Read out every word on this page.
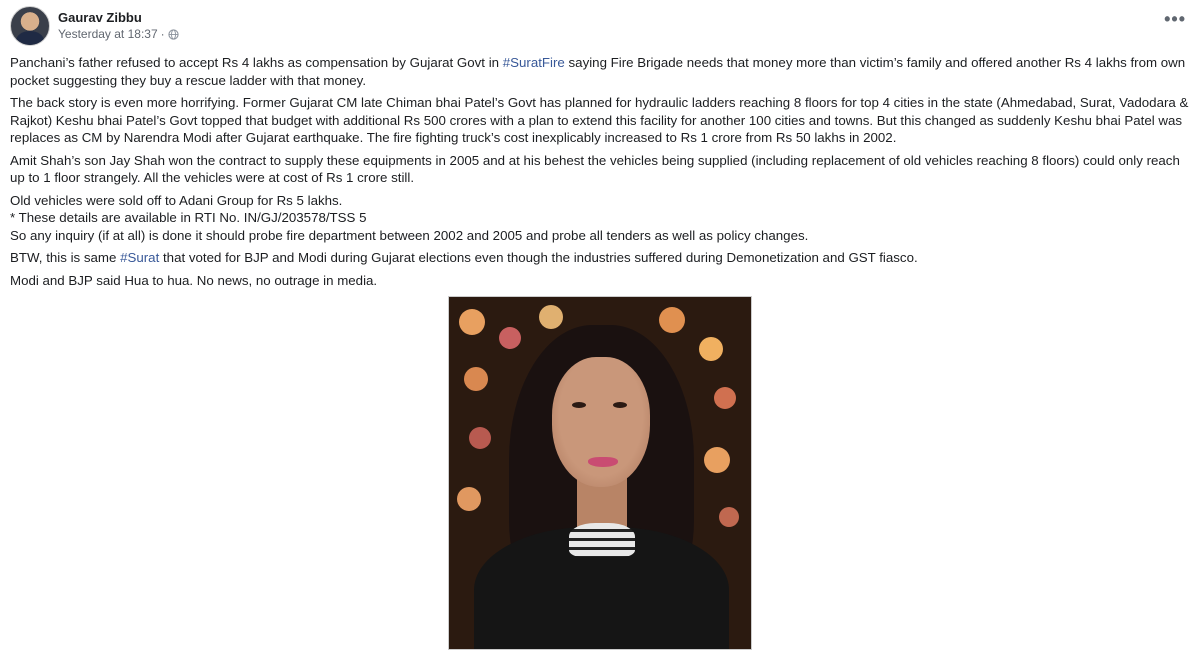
Gaurav Zibbu
Yesterday at 18:37 ·
•••

Panchani’s father refused to accept Rs 4 lakhs as compensation by Gujarat Govt in #SuratFire saying Fire Brigade needs that money more than victim’s family and offered another Rs 4 lakhs from own pocket suggesting they buy a rescue ladder with that money.

The back story is even more horrifying. Former Gujarat CM late Chiman bhai Patel’s Govt has planned for hydraulic ladders reaching 8 floors for top 4 cities in the state (Ahmedabad, Surat, Vadodara & Rajkot) Keshu bhai Patel’s Govt topped that budget with additional Rs 500 crores with a plan to extend this facility for another 100 cities and towns. But this changed as suddenly Keshu bhai Patel was replaces as CM by Narendra Modi after Gujarat earthquake. The fire fighting truck’s cost inexplicably increased to Rs 1 crore from Rs 50 lakhs in 2002.

Amit Shah’s son Jay Shah won the contract to supply these equipments in 2005 and at his behest the vehicles being supplied (including replacement of old vehicles reaching 8 floors) could only reach up to 1 floor strangely. All the vehicles were at cost of Rs 1 crore still.

Old vehicles were sold off to Adani Group for Rs 5 lakhs.
* These details are available in RTI No. IN/GJ/203578/TSS 5
So any inquiry (if at all) is done it should probe fire department between 2002 and 2005 and probe all tenders as well as policy changes.

BTW, this is same #Surat that voted for BJP and Modi during Gujarat elections even though the industries suffered during Demonetization and GST fiasco.

Modi and BJP said Hua to hua. No news, no outrage in media.
